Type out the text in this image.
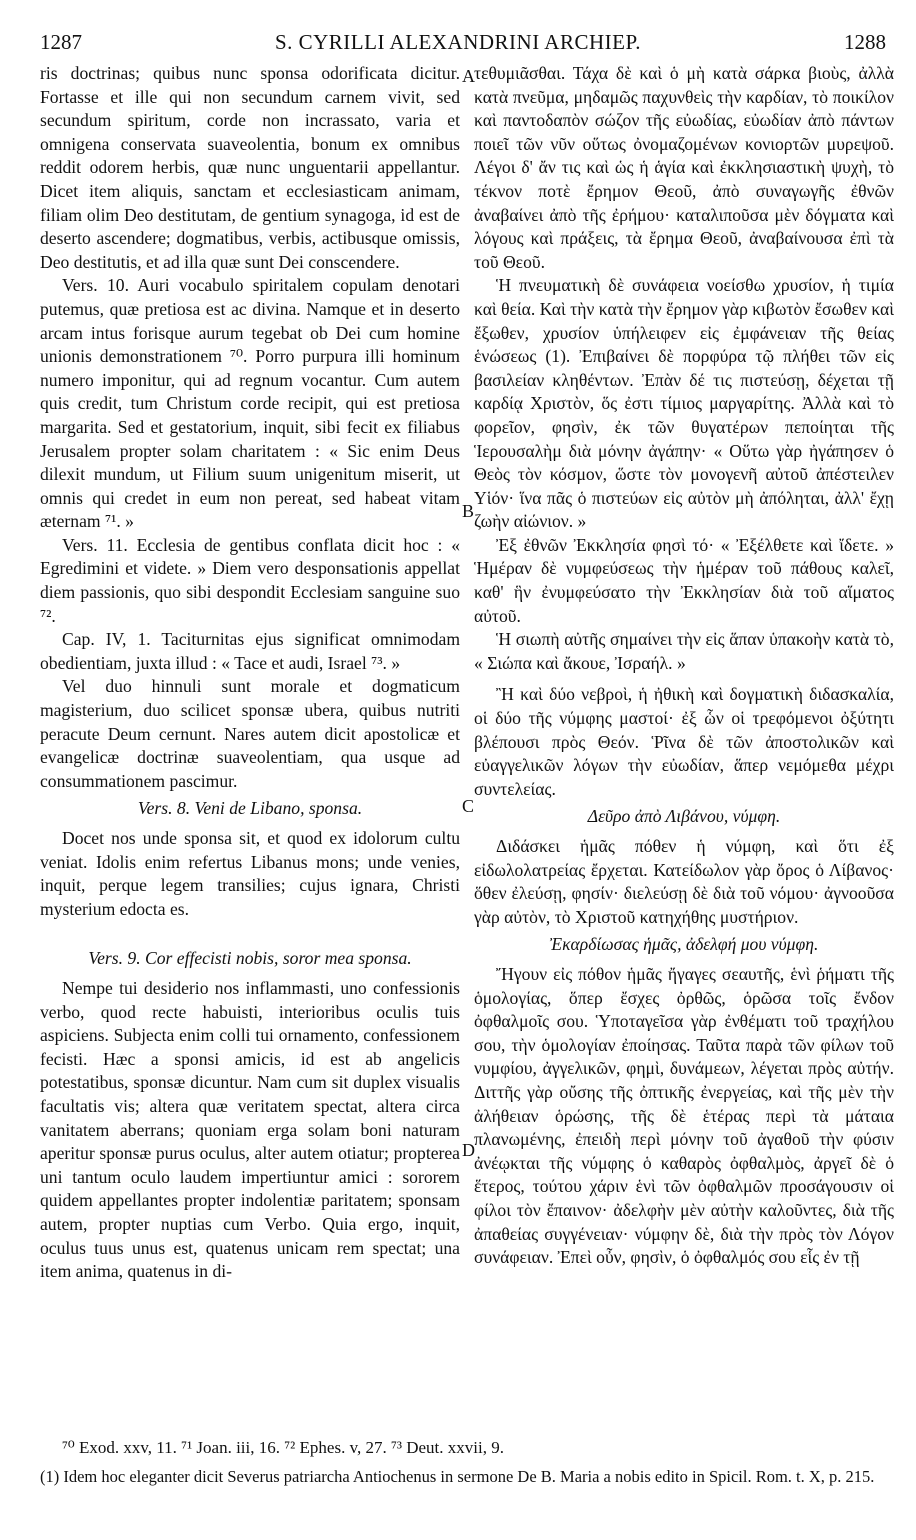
1287	S. CYRILLI ALEXANDRINI ARCHIEP.	1288
A
B
C
D

ris doctrinas; quibus nunc sponsa odorificata dicitur. Fortasse et ille qui non secundum carnem vivit, sed secundum spiritum, corde non incrassato, varia et omnigena conservata suaveolentia, bonum ex omnibus reddit odorem herbis, quæ nunc unguentarii appellantur. Dicet item aliquis, sanctam et ecclesiasticam animam, filiam olim Deo destitutam, de gentium synagoga, id est de deserto ascendere; dogmatibus, verbis, actibusque omissis, Deo destitutis, et ad illa quæ sunt Dei conscendere.

Vers. 10. Auri vocabulo spiritalem copulam denotari putemus, quæ pretiosa est ac divina. Namque et in deserto arcam intus forisque aurum tegebat ob Dei cum homine unionis demonstrationem ⁷⁰. Porro purpura illi hominum numero imponitur, qui ad regnum vocantur. Cum autem quis credit, tum Christum corde recipit, qui est pretiosa margarita. Sed et gestatorium, inquit, sibi fecit ex filiabus Jerusalem propter solam charitatem : « Sic enim Deus dilexit mundum, ut Filium suum unigenitum miserit, ut omnis qui credet in eum non pereat, sed habeat vitam æternam ⁷¹. »

Vers. 11. Ecclesia de gentibus conflata dicit hoc : « Egredimini et videte. » Diem vero desponsationis appellat diem passionis, quo sibi despondit Ecclesiam sanguine suo ⁷².

Cap. IV, 1. Taciturnitas ejus significat omnimodam obedientiam, juxta illud : « Tace et audi, Israel ⁷³. »

Vel duo hinnuli sunt morale et dogmaticum magisterium, duo scilicet sponsæ ubera, quibus nutriti peracute Deum cernunt. Nares autem dicit apostolicæ et evangelicæ doctrinæ suaveolentiam, qua usque ad consummationem pascimur.

Vers. 8. Veni de Libano, sponsa.

Docet nos unde sponsa sit, et quod ex idolorum cultu veniat. Idolis enim refertus Libanus mons; unde venies, inquit, perque legem transilies; cujus ignara, Christi mysterium edocta es.

Vers. 9. Cor effecisti nobis, soror mea sponsa.

Nempe tui desiderio nos inflammasti, uno confessionis verbo, quod recte habuisti, interioribus oculis tuis aspiciens. Subjecta enim colli tui ornamento, confessionem fecisti. Hæc a sponsi amicis, id est ab angelicis potestatibus, sponsæ dicuntur. Nam cum sit duplex visualis facultatis vis; altera quæ veritatem spectat, altera circa vanitatem aberrans; quoniam erga solam boni naturam aperitur sponsæ purus oculus, alter autem otiatur; propterea uni tantum oculo laudem impertiuntur amici : sororem quidem appellantes propter indolentiæ paritatem; sponsam autem, propter nuptias cum Verbo. Quia ergo, inquit, oculus tuus unus est, quatenus unicam rem spectat; una item anima, quatenus in di-

τεθυμιᾶσθαι. Τάχα δὲ καὶ ὁ μὴ κατὰ σάρκα βιοὺς, ἀλλὰ κατὰ πνεῦμα, μηδαμῶς παχυνθεὶς τὴν καρδίαν, τὸ ποικίλον καὶ παντοδαπὸν σώζον τῆς εὐωδίας, εὐωδίαν ἀπὸ πάντων ποιεῖ τῶν νῦν οὕτως ὀνομαζομένων κονιορτῶν μυρεψοῦ. Λέγοι δ' ἄν τις καὶ ὡς ἡ ἁγία καὶ ἐκκλησιαστικὴ ψυχὴ, τὸ τέκνον ποτὲ ἔρημον Θεοῦ, ἀπὸ συναγωγῆς ἐθνῶν ἀναβαίνει ἀπὸ τῆς ἐρήμου· καταλιποῦσα μὲν δόγματα καὶ λόγους καὶ πράξεις, τὰ ἔρημα Θεοῦ, ἀναβαίνουσα ἐπὶ τὰ τοῦ Θεοῦ.

Ἡ πνευματικὴ δὲ συνάφεια νοείσθω χρυσίον, ἡ τιμία καὶ θεία. Καὶ τὴν κατὰ τὴν ἔρημον γὰρ κιβωτὸν ἔσωθεν καὶ ἔξωθεν, χρυσίον ὑπήλειφεν εἰς ἐμφάνειαν τῆς θείας ἑνώσεως (1). Ἐπιβαίνει δὲ πορφύρα τῷ πλήθει τῶν εἰς βασιλείαν κληθέντων. Ἐπὰν δέ τις πιστεύσῃ, δέχεται τῇ καρδίᾳ Χριστὸν, ὅς ἐστι τίμιος μαργαρίτης. Ἀλλὰ καὶ τὸ φορεῖον, φησὶν, ἐκ τῶν θυγατέρων πεποίηται τῆς Ἱερουσαλὴμ διὰ μόνην ἀγάπην· « Οὕτω γὰρ ἠγάπησεν ὁ Θεὸς τὸν κόσμον, ὥστε τὸν μονογενῆ αὐτοῦ ἀπέστειλεν Υἱόν· ἵνα πᾶς ὁ πιστεύων εἰς αὐτὸν μὴ ἀπόληται, ἀλλ' ἔχῃ ζωὴν αἰώνιον. »

Ἐξ ἐθνῶν Ἐκκλησία φησὶ τό· « Ἐξέλθετε καὶ ἴδετε. » Ἡμέραν δὲ νυμφεύσεως τὴν ἡμέραν τοῦ πάθους καλεῖ, καθ' ἣν ἐνυμφεύσατο τὴν Ἐκκλησίαν διὰ τοῦ αἵματος αὐτοῦ.

Ἡ σιωπὴ αὐτῆς σημαίνει τὴν εἰς ἅπαν ὑπακοὴν κατὰ τὸ, « Σιώπα καὶ ἄκουε, Ἰσραήλ. »

Ἢ καὶ δύο νεβροὶ, ἡ ἠθικὴ καὶ δογματικὴ διδασκαλία, οἱ δύο τῆς νύμφης μαστοί· ἐξ ὧν οἱ τρεφόμενοι ὀξύτητι βλέπουσι πρὸς Θεόν. Ῥῖνα δὲ τῶν ἀποστολικῶν καὶ εὐαγγελικῶν λόγων τὴν εὐωδίαν, ἅπερ νεμόμεθα μέχρι συντελείας.

Δεῦρο ἀπὸ Λιβάνου, νύμφη.

Διδάσκει ἡμᾶς πόθεν ἡ νύμφη, καὶ ὅτι ἐξ εἰδωλολατρείας ἔρχεται. Κατείδωλον γὰρ ὄρος ὁ Λίβανος· ὅθεν ἐλεύσῃ, φησίν· διελεύσῃ δὲ διὰ τοῦ νόμου· ἀγνοοῦσα γὰρ αὐτὸν, τὸ Χριστοῦ κατηχήθης μυστήριον.

Ἐκαρδίωσας ἡμᾶς, ἀδελφή μου νύμφη.

Ἤγουν εἰς πόθον ἡμᾶς ἤγαγες σεαυτῆς, ἑνὶ ῥήματι τῆς ὁμολογίας, ὅπερ ἔσχες ὀρθῶς, ὁρῶσα τοῖς ἔνδον ὀφθαλμοῖς σου. Ὑποταγεῖσα γὰρ ἐνθέματι τοῦ τραχήλου σου, τὴν ὁμολογίαν ἐποίησας. Ταῦτα παρὰ τῶν φίλων τοῦ νυμφίου, ἀγγελικῶν, φημὶ, δυνάμεων, λέγεται πρὸς αὐτήν. Διττῆς γὰρ οὔσης τῆς ὀπτικῆς ἐνεργείας, καὶ τῆς μὲν τὴν ἀλήθειαν ὁρώσης, τῆς δὲ ἑτέρας περὶ τὰ μάταια πλανωμένης, ἐπειδὴ περὶ μόνην τοῦ ἀγαθοῦ τὴν φύσιν ἀνέῳκται τῆς νύμφης ὁ καθαρὸς ὀφθαλμὸς, ἀργεῖ δὲ ὁ ἕτερος, τούτου χάριν ἑνὶ τῶν ὀφθαλμῶν προσάγουσιν οἱ φίλοι τὸν ἔπαινον· ἀδελφὴν μὲν αὐτὴν καλοῦντες, διὰ τῆς ἀπαθείας συγγένειαν· νύμφην δὲ, διὰ τὴν πρὸς τὸν Λόγον συνάφειαν. Ἐπεὶ οὖν, φησὶν, ὁ ὀφθαλμός σου εἷς ἐν τῇ

⁷⁰ Exod. xxv, 11. ⁷¹ Joan. iii, 16. ⁷² Ephes. v, 27. ⁷³ Deut. xxvii, 9.
(1) Idem hoc eleganter dicit Severus patriarcha Antiochenus in sermone De B. Maria a nobis edito in Spicil. Rom. t. X, p. 215.
